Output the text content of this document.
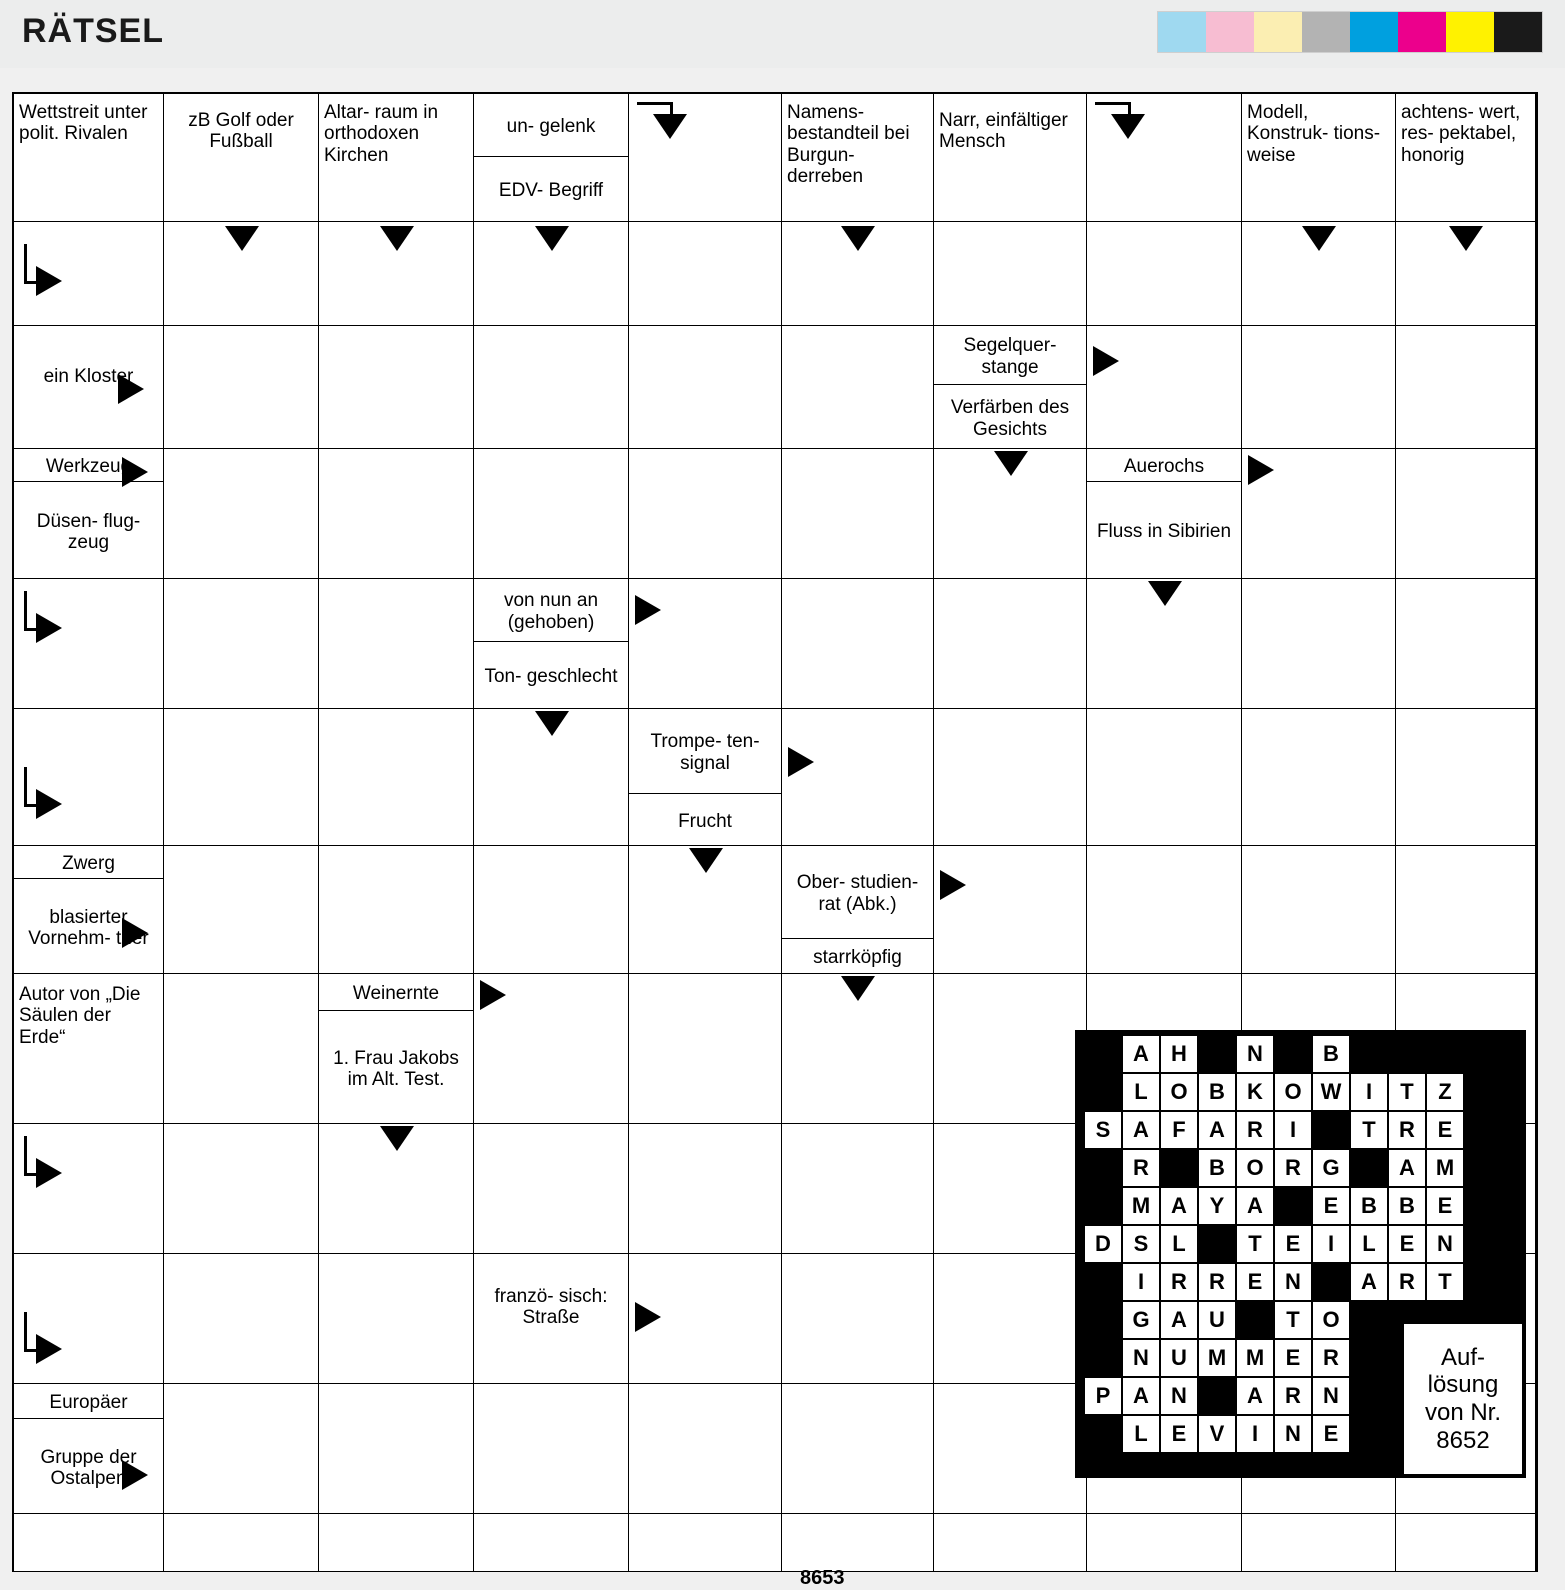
RÄTSEL
Wettstreit unter polit. Rivalen
zB Golf oder Fußball
Altar- raum in orthodoxen Kirchen
un- gelenk
EDV- Begriff
Namens- bestandteil bei Burgun- derreben
Narr, einfältiger Mensch
Modell, Konstruk- tions- weise
achtens- wert, res- pektabel, honorig
ein Kloster
Segelquer- stange
Verfärben des Gesichts
Werkzeug
Düsen- flug- zeug
Auerochs
Fluss in Sibirien
von nun an (gehoben)
Ton- geschlecht
Trompe- ten- signal
Frucht
Zwerg
blasierter Vornehm- tuer
Ober- studien- rat (Abk.)
starrköpfig
Autor von „Die Säulen der Erde“
Weinernte
1. Frau Jakobs im Alt. Test.
franzö- sisch: Straße
Europäer
Gruppe der Ostalpen
8653
A	H	N	B
L	O B	K O W	I	T	Z
S	A	F	A	R	I	T	R	E
R	B O R G	A M
M A	Y	A	E	B	B	E
D	S	L	T	E	I	L	E	N
I	R	R	E	N	A	R	T
G A	U	T	O
N	U M M E	R
P	A	N	A	R	N
L	E	V	I	N	E
Auf- lösung von Nr. 8652
